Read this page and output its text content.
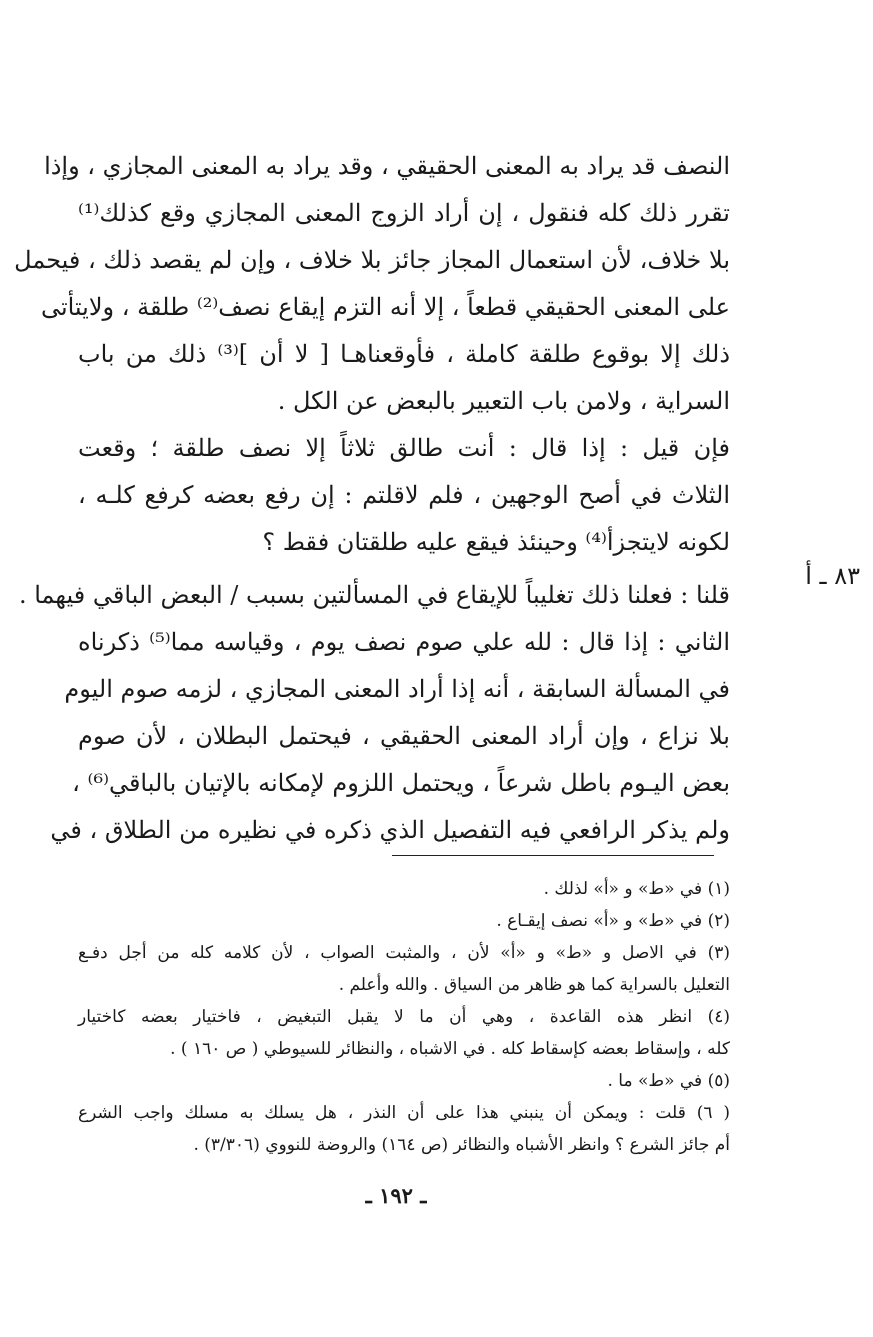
النصف قد يراد به المعنى الحقيقي ، وقد يراد به المعنى المجازي ، وإذا
تقرر ذلك كله فنقول ، إن أراد الزوج المعنى المجازي وقع كذلك⁽¹⁾
بلا خلاف، لأن استعمال المجاز جائز بلا خلاف ، وإن لم يقصد ذلك ، فيحمل
على المعنى الحقيقي قطعاً ، إلا أنه التزم إيقاع نصف⁽²⁾ طلقة ، ولايتأتى
ذلك إلا بوقوع طلقة كاملة ، فأوقعناهـا [ لا أن ]⁽³⁾ ذلك من باب
السراية ، ولامن باب التعبير بالبعض عن الكل .
فإن قيل : إذا قال : أنت طالق ثلاثاً إلا نصف طلقة ؛ وقعت
الثلاث في أصح الوجهين ، فلم لاقلتم : إن رفع بعضه كرفع كلـه ،
لكونه لايتجزأ⁽⁴⁾ وحينئذ فيقع عليه طلقتان فقط ؟
قلنا : فعلنا ذلك تغليباً للإيقاع في المسألتين بسبب / البعض الباقي فيهما .
الثاني : إذا قال : لله علي صوم نصف يوم ، وقياسه مما⁽⁵⁾ ذكرناه
في المسألة السابقة ، أنه إذا أراد المعنى المجازي ، لزمه صوم اليوم
بلا نزاع ، وإن أراد المعنى الحقيقي ، فيحتمل البطلان ، لأن صوم
بعض اليـوم باطل شرعاً ، ويحتمل اللزوم لإمكانه بالإتيان بالباقي⁽⁶⁾ ،
ولم يذكر الرافعي فيه التفصيل الذي ذكره في نظيره من الطلاق ، في
٨٣ ـ أ
(١) في «ط» و «أ» لذلك .
(٢) في «ط» و «أ» نصف إيقـاع .
(٣) في الاصل و «ط» و «أ» لأن ، والمثبت الصواب ، لأن كلامه كله من أجل دفـع
التعليل بالسراية كما هو ظاهر من السياق . والله وأعلم .
(٤) انظر هذه القاعدة ، وهي أن ما لا يقبل التبغيض ، فاختيار بعضه كاختيار
كله ، وإسقاط بعضه كإسقاط كله . في الاشباه ، والنظائر للسيوطي ( ص ١٦٠ ) .
(٥) في «ط» ما .
( ٦) قلت : ويمكن أن ينبني هذا على أن النذر ، هل يسلك به مسلك واجب الشرع
أم جائز الشرع ؟ وانظر الأشباه والنظائر (ص ١٦٤) والروضة للنووي (٣/٣٠٦) .
ـ ١٩٢ ـ
